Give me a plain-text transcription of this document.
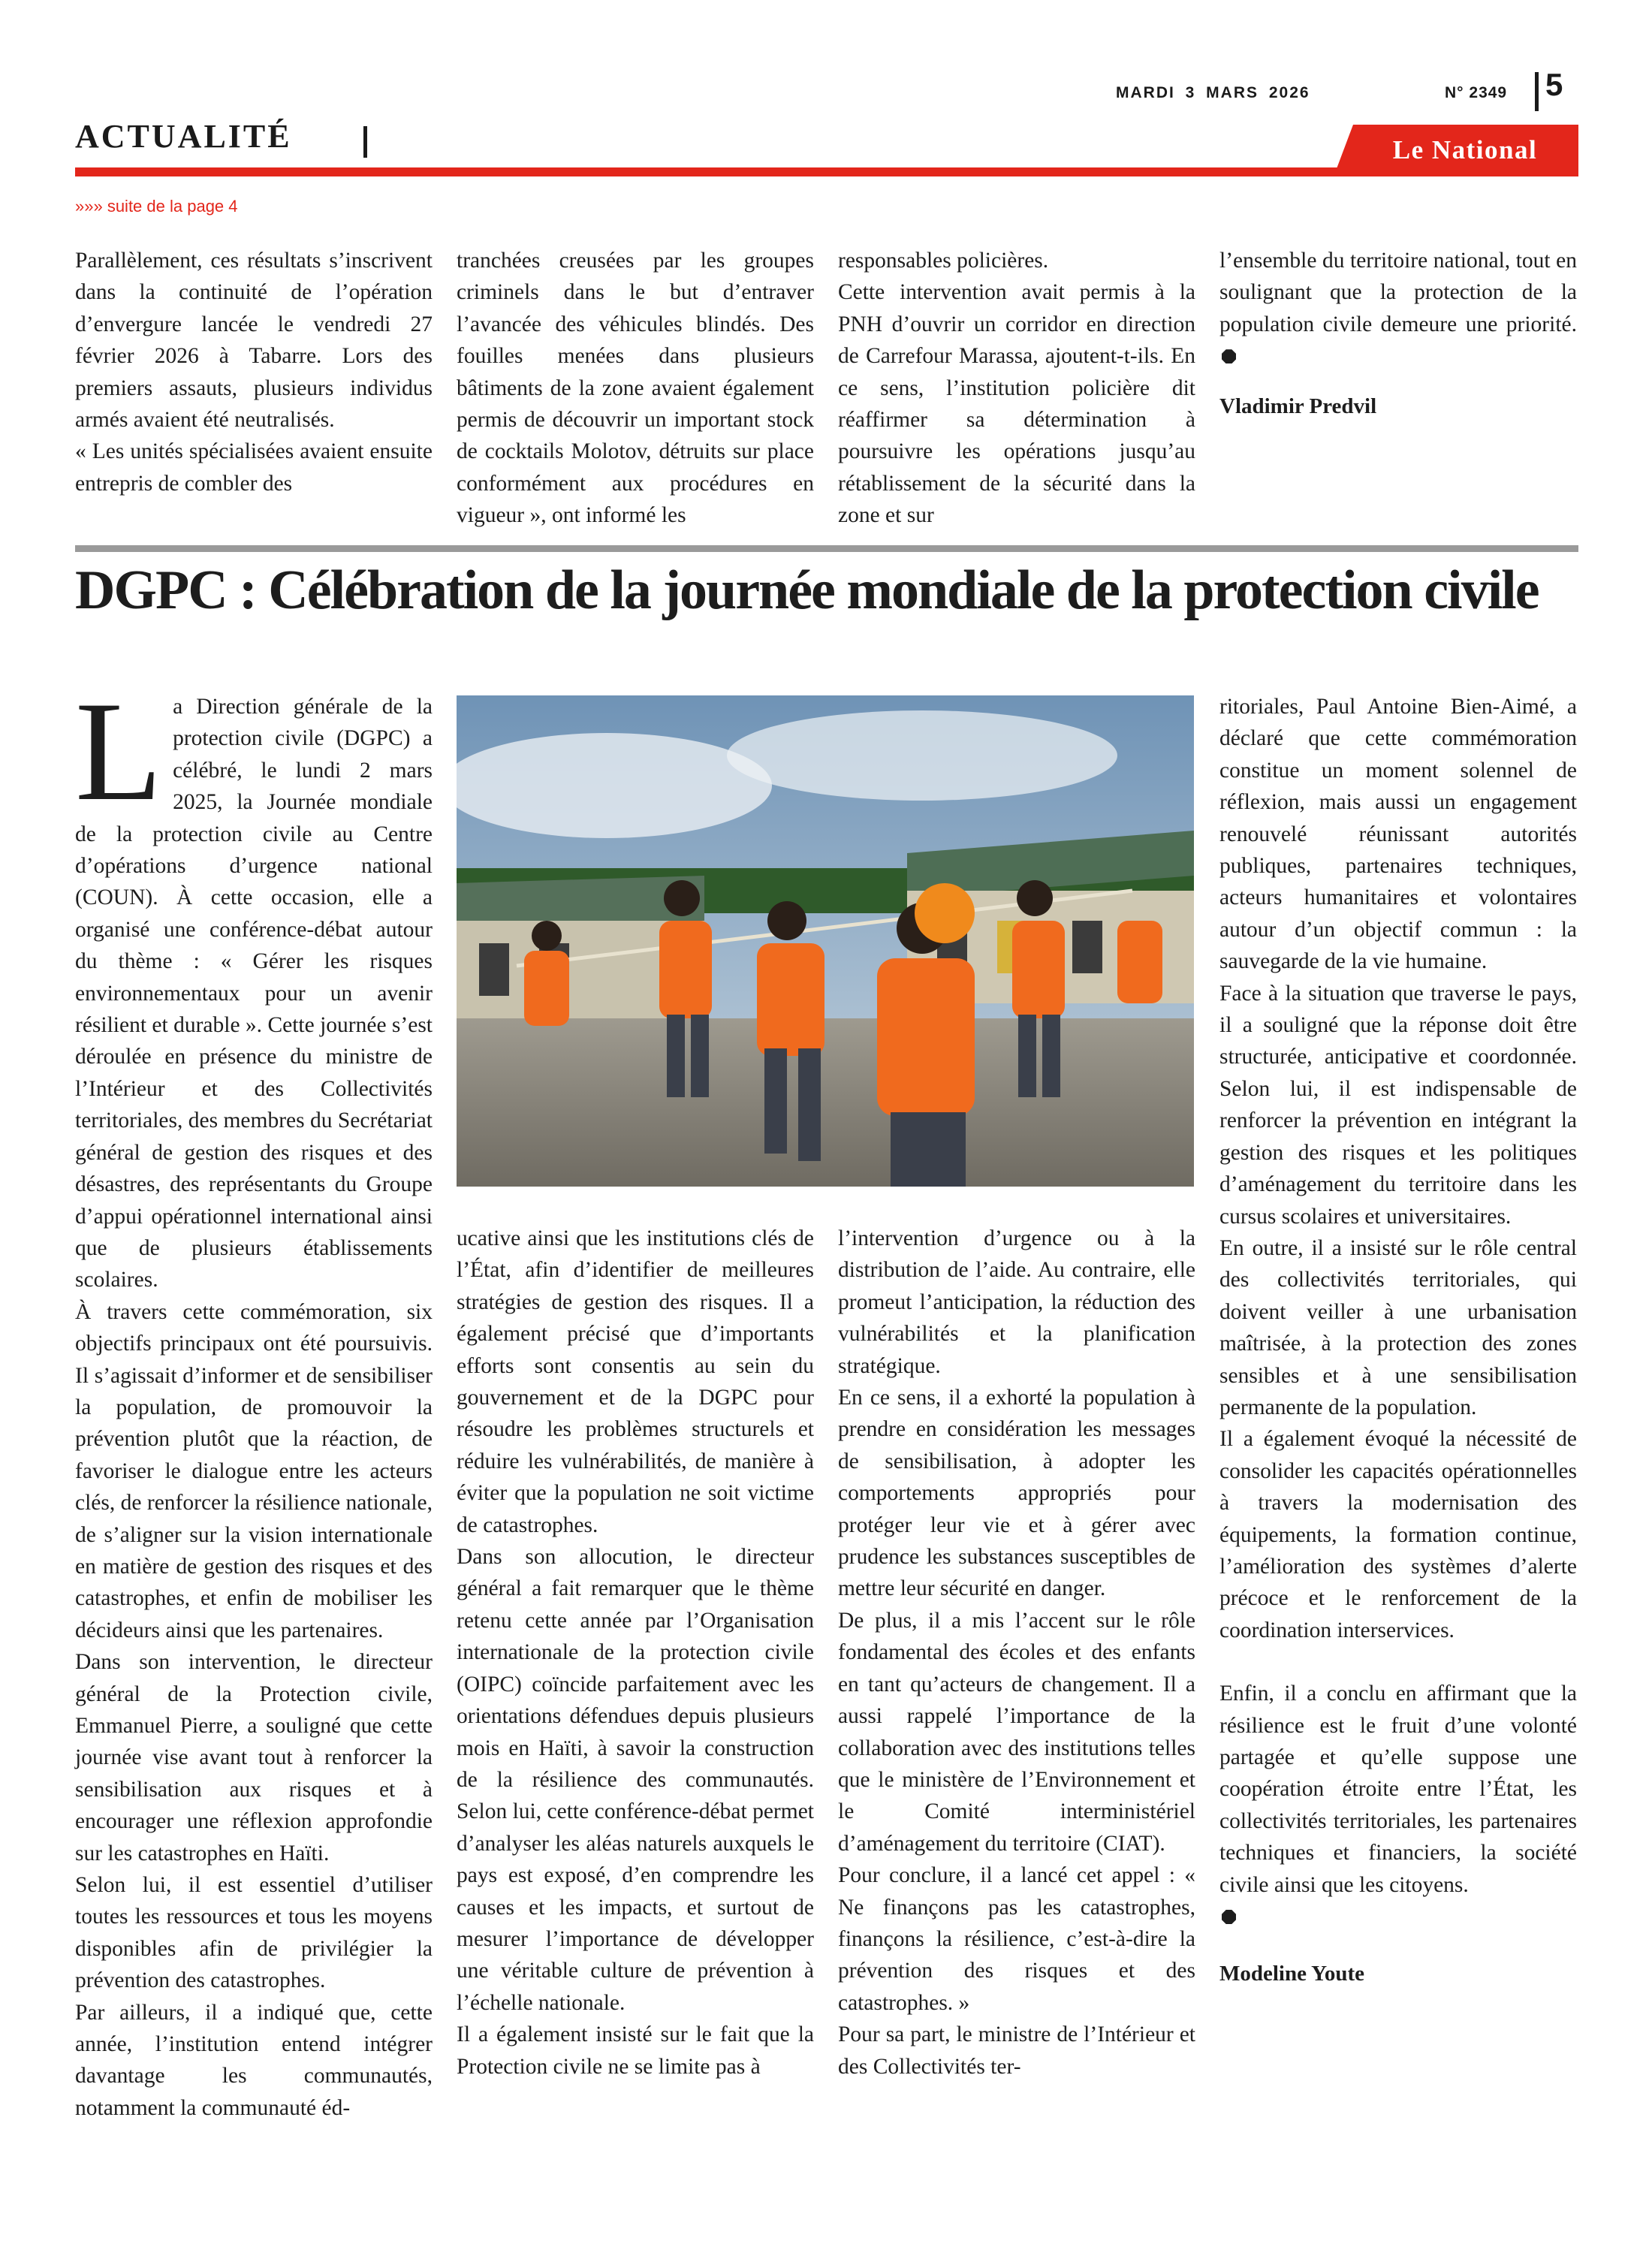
MARDI 3 MARS 2026	N° 2349 5
ACTUALITÉ	Le National
»»» suite de la page 4

Parallèlement, ces résultats s’inscrivent dans la continuité de l’opération d’envergure lancée le vendredi 27 février 2026 à Tabarre. Lors des premiers assauts, plusieurs individus armés avaient été neutralisés.

« Les unités spécialisées avaient ensuite entrepris de combler des

tranchées creusées par les groupes criminels dans le but d’entraver l’avancée des véhicules blindés. Des fouilles menées dans plusieurs bâtiments de la zone avaient également permis de découvrir un important stock de cocktails Molotov, détruits sur place conformément aux procédures en vigueur », ont informé les

responsables policières.

Cette intervention avait permis à la PNH d’ouvrir un corridor en direction de Carrefour Marassa, ajoutent-t-ils. En ce sens, l’institution policière dit réaffirmer sa détermination à poursuivre les opérations jusqu’au rétablissement de la sécurité dans la zone et sur

l’ensemble du territoire national, tout en soulignant que la protection de la population civile demeure une priorité.

Vladimir Predvil

DGPC : Célébration de la journée mondiale de la protection civile
L a Direction générale de la protection civile (DGPC) a célébré, le lundi 2 mars 2025, la Journée mondiale de la protection civile au Centre d’opérations d’urgence national (COUN). À cette occasion, elle a organisé une conférence-débat autour du thème : « Gérer les risques environnementaux pour un avenir résilient et durable ». Cette journée s’est déroulée en présence du ministre de l’Intérieur et des Collectivités territoriales, des membres du Secrétariat général de gestion des risques et des désastres, des représentants du Groupe d’appui opérationnel international ainsi que de plusieurs établissements scolaires.

À travers cette commémoration, six objectifs principaux ont été poursuivis. Il s’agissait d’informer et de sensibiliser la population, de promouvoir la prévention plutôt que la réaction, de favoriser le dialogue entre les acteurs clés, de renforcer la résilience nationale, de s’aligner sur la vision internationale en matière de gestion des risques et des catastrophes, et enfin de mobiliser les décideurs ainsi que les partenaires.

Dans son intervention, le directeur général de la Protection civile, Emmanuel Pierre, a souligné que cette journée vise avant tout à renforcer la sensibilisation aux risques et à encourager une réflexion approfondie sur les catastrophes en Haïti.

Selon lui, il est essentiel d’utiliser toutes les ressources et tous les moyens disponibles afin de privilégier la prévention des catastrophes.

Par ailleurs, il a indiqué que, cette année, l’institution entend intégrer davantage les communautés, notamment la communauté éd-

ucative ainsi que les institutions clés de l’État, afin d’identifier de meilleures stratégies de gestion des risques. Il a également précisé que d’importants efforts sont consentis au sein du gouvernement et de la DGPC pour résoudre les problèmes structurels et réduire les vulnérabilités, de manière à éviter que la population ne soit victime de catastrophes.

Dans son allocution, le directeur général a fait remarquer que le thème retenu cette année par l’Organisation internationale de la protection civile (OIPC) coïncide parfaitement avec les orientations défendues depuis plusieurs mois en Haïti, à savoir la construction de la résilience des communautés. Selon lui, cette conférence-débat permet d’analyser les aléas naturels auxquels le pays est exposé, d’en comprendre les causes et les impacts, et surtout de mesurer l’importance de développer une véritable culture de prévention à l’échelle nationale.

Il a également insisté sur le fait que la Protection civile ne se limite pas à

l’intervention d’urgence ou à la distribution de l’aide. Au contraire, elle promeut l’anticipation, la réduction des vulnérabilités et la planification stratégique.

En ce sens, il a exhorté la population à prendre en considération les messages de sensibilisation, à adopter les comportements appropriés pour protéger leur vie et à gérer avec prudence les substances susceptibles de mettre leur sécurité en danger.

De plus, il a mis l’accent sur le rôle fondamental des écoles et des enfants en tant qu’acteurs de changement. Il a aussi rappelé l’importance de la collaboration avec des institutions telles que le ministère de l’Environnement et le Comité interministériel d’aménagement du territoire (CIAT).

Pour conclure, il a lancé cet appel : « Ne finançons pas les catastrophes, finançons la résilience, c’est-à-dire la prévention des risques et des catastrophes. »

Pour sa part, le ministre de l’Intérieur et des Collectivités ter-

ritoriales, Paul Antoine Bien-Aimé, a déclaré que cette commémoration constitue un moment solennel de réflexion, mais aussi un engagement renouvelé réunissant autorités publiques, partenaires techniques, acteurs humanitaires et volontaires autour d’un objectif commun : la sauvegarde de la vie humaine.

Face à la situation que traverse le pays, il a souligné que la réponse doit être structurée, anticipative et coordonnée. Selon lui, il est indispensable de renforcer la prévention en intégrant la gestion des risques et les politiques d’aménagement du territoire dans les cursus scolaires et universitaires.

En outre, il a insisté sur le rôle central des collectivités territoriales, qui doivent veiller à une urbanisation maîtrisée, à la protection des zones sensibles et à une sensibilisation permanente de la population.

Il a également évoqué la nécessité de consolider les capacités opérationnelles à travers la modernisation des équipements, la formation continue, l’amélioration des systèmes d’alerte précoce et le renforcement de la coordination interservices.

Enfin, il a conclu en affirmant que la résilience est le fruit d’une volonté partagée et qu’elle suppose une coopération étroite entre l’État, les collectivités territoriales, les partenaires techniques et financiers, la société civile ainsi que les citoyens.

Modeline Youte
